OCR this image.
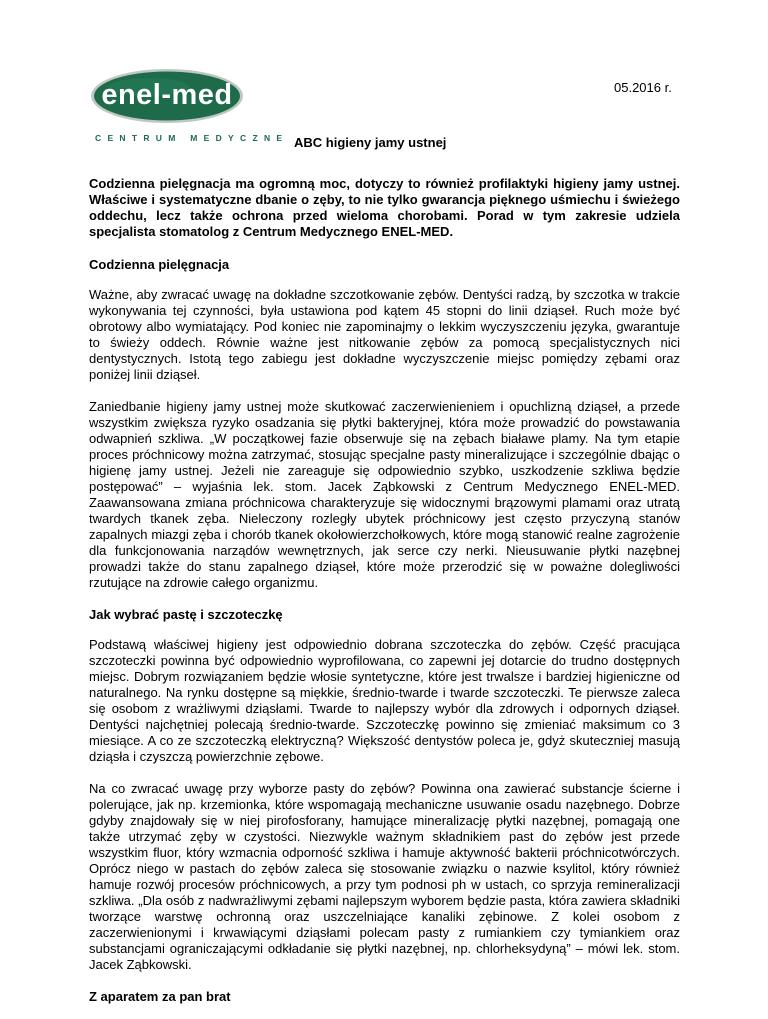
enel-med
CENTRUM MEDYCZNE
05.2016 r.
ABC higieny jamy ustnej

Codzienna pielęgnacja ma ogromną moc, dotyczy to również profilaktyki higieny jamy ustnej. Właściwe i systematyczne dbanie o zęby, to nie tylko gwarancja pięknego uśmiechu i świeżego oddechu, lecz także ochrona przed wieloma chorobami. Porad w tym zakresie udziela specjalista stomatolog z Centrum Medycznego ENEL-MED.

Codzienna pielęgnacja

Ważne, aby zwracać uwagę na dokładne szczotkowanie zębów. Dentyści radzą, by szczotka w trakcie wykonywania tej czynności, była ustawiona pod kątem 45 stopni do linii dziąseł. Ruch może być obrotowy albo wymiatający. Pod koniec nie zapominajmy o lekkim wyczyszczeniu języka, gwarantuje to świeży oddech. Równie ważne jest nitkowanie zębów za pomocą specjalistycznych nici dentystycznych. Istotą tego zabiegu jest dokładne wyczyszczenie miejsc pomiędzy zębami oraz poniżej linii dziąseł.

Zaniedbanie higieny jamy ustnej może skutkować zaczerwienieniem i opuchlizną dziąseł, a przede wszystkim zwiększa ryzyko osadzania się płytki bakteryjnej, która może prowadzić do powstawania odwapnień szkliwa. „W początkowej fazie obserwuje się na zębach białawe plamy. Na tym etapie proces próchnicowy można zatrzymać, stosując specjalne pasty mineralizujące i szczególnie dbając o higienę jamy ustnej. Jeżeli nie zareaguje się odpowiednio szybko, uszkodzenie szkliwa będzie postępować” – wyjaśnia lek. stom. Jacek Ząbkowski z Centrum Medycznego ENEL-MED. Zaawansowana zmiana próchnicowa charakteryzuje się widocznymi brązowymi plamami oraz utratą twardych tkanek zęba. Nieleczony rozległy ubytek próchnicowy jest często przyczyną stanów zapalnych miazgi zęba i chorób tkanek okołowierzchołkowych, które mogą stanowić realne zagrożenie dla funkcjonowania narządów wewnętrznych, jak serce czy nerki. Nieusuwanie płytki nazębnej prowadzi także do stanu zapalnego dziąseł, które może przerodzić się w poważne dolegliwości rzutujące na zdrowie całego organizmu.

Jak wybrać pastę i szczoteczkę

Podstawą właściwej higieny jest odpowiednio dobrana szczoteczka do zębów. Część pracująca szczoteczki powinna być odpowiednio wyprofilowana, co zapewni jej dotarcie do trudno dostępnych miejsc. Dobrym rozwiązaniem będzie włosie syntetyczne, które jest trwalsze i bardziej higieniczne od naturalnego. Na rynku dostępne są miękkie, średnio-twarde i twarde szczoteczki. Te pierwsze zaleca się osobom z wrażliwymi dziąsłami. Twarde to najlepszy wybór dla zdrowych i odpornych dziąseł. Dentyści najchętniej polecają średnio-twarde. Szczoteczkę powinno się zmieniać maksimum co 3 miesiące. A co ze szczoteczką elektryczną? Większość dentystów poleca je, gdyż skuteczniej masują dziąsła i czyszczą powierzchnie zębowe.

Na co zwracać uwagę przy wyborze pasty do zębów? Powinna ona zawierać substancje ścierne i polerujące, jak np. krzemionka, które wspomagają mechaniczne usuwanie osadu nazębnego. Dobrze gdyby znajdowały się w niej pirofosforany, hamujące mineralizację płytki nazębnej, pomagają one także utrzymać zęby w czystości. Niezwykle ważnym składnikiem past do zębów jest przede wszystkim fluor, który wzmacnia odporność szkliwa i hamuje aktywność bakterii próchnicotwórczych. Oprócz niego w pastach do zębów zaleca się stosowanie związku o nazwie ksylitol, który również hamuje rozwój procesów próchnicowych, a przy tym podnosi ph w ustach, co sprzyja remineralizacji szkliwa. „Dla osób z nadwrażliwymi zębami najlepszym wyborem będzie pasta, która zawiera składniki tworzące warstwę ochronną oraz uszczelniające kanaliki zębinowe. Z kolei osobom z zaczerwienionymi i krwawiącymi dziąsłami polecam pasty z rumiankiem czy tymiankiem oraz substancjami ograniczającymi odkładanie się płytki nazębnej, np. chlorheksydyną” – mówi lek. stom. Jacek Ząbkowski.

Z aparatem za pan brat
